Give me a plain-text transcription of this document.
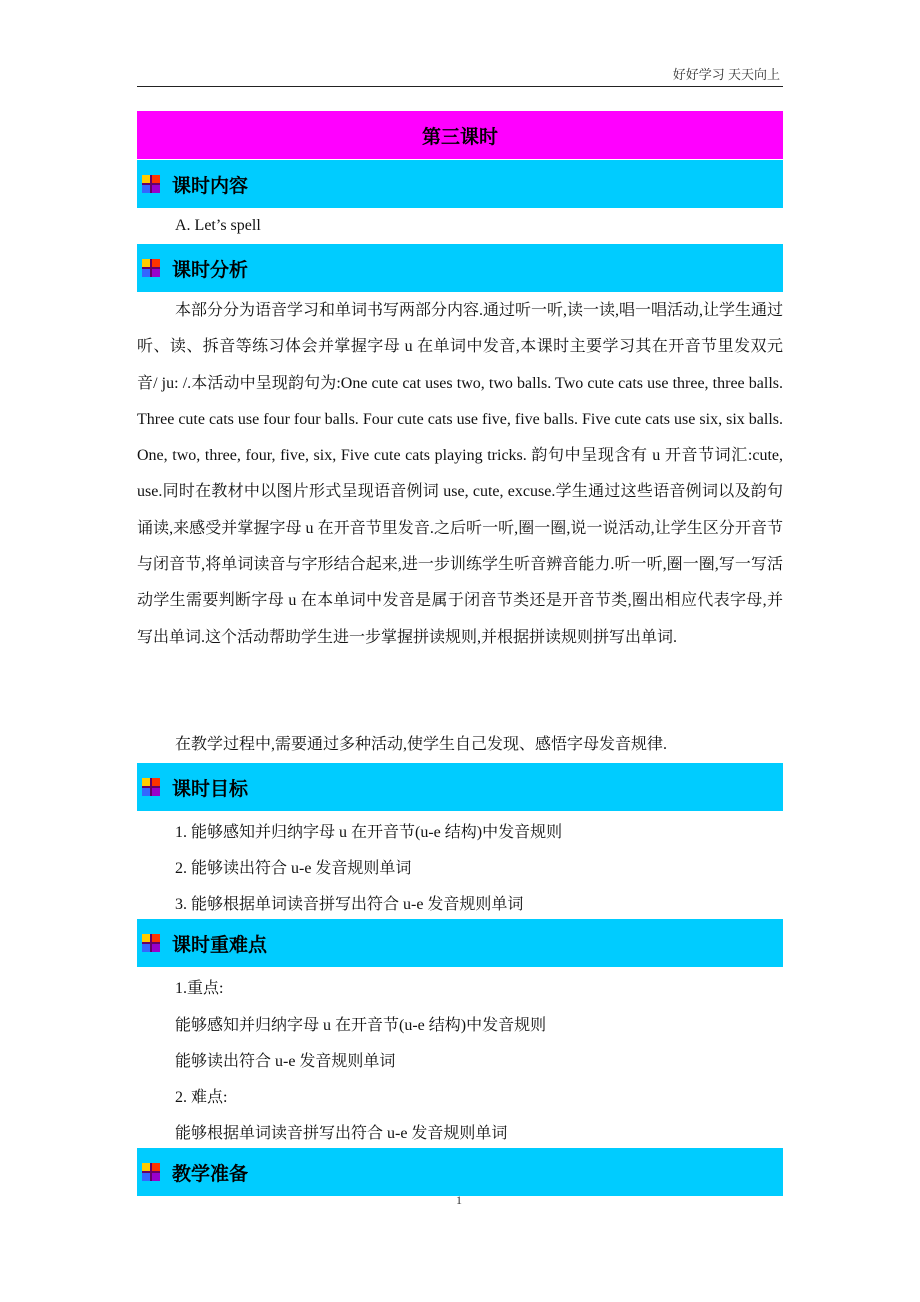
好好学习 天天向上
第三课时
课时内容
A. Let’s spell
课时分析
本部分分为语音学习和单词书写两部分内容.通过听一听,读一读,唱一唱活动,让学生通过听、读、拆音等练习体会并掌握字母 u 在单词中发音,本课时主要学习其在开音节里发双元音/ ju: /.本活动中呈现韵句为:One cute cat uses two, two balls. Two cute cats use three, three balls. Three cute cats use four four balls. Four cute cats use five, five balls. Five cute cats use six, six balls. One, two, three, four, five, six, Five cute cats playing tricks. 韵句中呈现含有 u 开音节词汇:cute, use.同时在教材中以图片形式呈现语音例词 use, cute, excuse.学生通过这些语音例词以及韵句诵读,来感受并掌握字母 u 在开音节里发音.之后听一听,圈一圈,说一说活动,让学生区分开音节与闭音节,将单词读音与字形结合起来,进一步训练学生听音辨音能力.听一听,圈一圈,写一写活动学生需要判断字母 u 在本单词中发音是属于闭音节类还是开音节类,圈出相应代表字母,并写出单词.这个活动帮助学生进一步掌握拼读规则,并根据拼读规则拼写出单词.
在教学过程中,需要通过多种活动,使学生自己发现、感悟字母发音规律.
课时目标
1. 能够感知并归纳字母 u 在开音节(u-e 结构)中发音规则
2. 能够读出符合 u-e 发音规则单词
3. 能够根据单词读音拼写出符合 u-e 发音规则单词
课时重难点
1.重点:
能够感知并归纳字母 u 在开音节(u-e 结构)中发音规则
能够读出符合 u-e 发音规则单词
2. 难点:
能够根据单词读音拼写出符合 u-e 发音规则单词
教学准备
1
